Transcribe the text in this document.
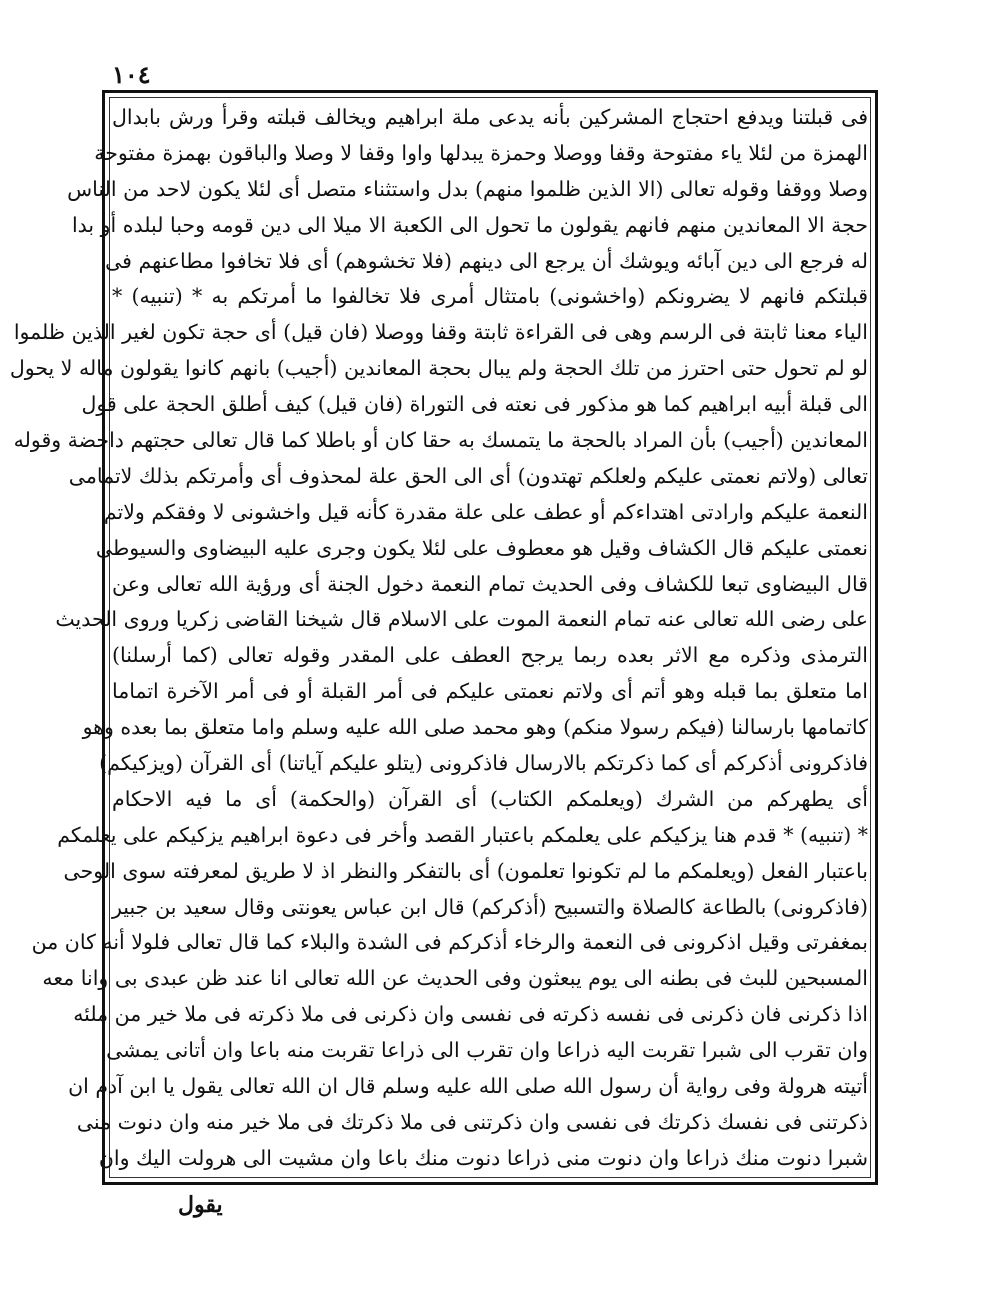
١٠٤
فى قبلتنا ويدفع احتجاج المشركين بأنه يدعى ملة ابراهيم ويخالف قبلته وقرأ ورش بابدال
الهمزة من لئلا ياء مفتوحة وقفا ووصلا وحمزة يبدلها واوا وقفا لا وصلا والباقون بهمزة مفتوحة
وصلا ووقفا وقوله تعالى (الا الذين ظلموا منهم) بدل واستثناء متصل أى لئلا يكون لاحد من الناس
حجة الا المعاندين منهم فانهم يقولون ما تحول الى الكعبة الا ميلا الى دين قومه وحبا لبلده أو بدا
له فرجع الى دين آبائه ويوشك أن يرجع الى دينهم (فلا تخشوهم) أى فلا تخافوا مطاعنهم فى
قبلتكم فانهم لا يضرونكم (واخشونى) بامتثال أمرى فلا تخالفوا ما أمرتكم به * (تنبيه) *
الياء معنا ثابتة فى الرسم وهى فى القراءة ثابتة وقفا ووصلا (فان قيل) أى حجة تكون لغير الذين ظلموا
لو لم تحول حتى احترز من تلك الحجة ولم يبال بحجة المعاندين (أجيب) بانهم كانوا يقولون ماله لا يحول
الى قبلة أبيه ابراهيم كما هو مذكور فى نعته فى التوراة (فان قيل) كيف أطلق الحجة على قول
المعاندين (أجيب) بأن المراد بالحجة ما يتمسك به حقا كان أو باطلا كما قال تعالى حجتهم داحضة وقوله
تعالى (ولاتم نعمتى عليكم ولعلكم تهتدون) أى الى الحق علة لمحذوف أى وأمرتكم بذلك لاتمامى
النعمة عليكم وارادتى اهتداءكم أو عطف على علة مقدرة كأنه قيل واخشونى لا وفقكم ولاتم
نعمتى عليكم قال الكشاف وقيل هو معطوف على لئلا يكون وجرى عليه البيضاوى والسيوطى
قال البيضاوى تبعا للكشاف وفى الحديث تمام النعمة دخول الجنة أى ورؤية الله تعالى وعن
على رضى الله تعالى عنه تمام النعمة الموت على الاسلام قال شيخنا القاضى زكريا وروى الحديث
الترمذى وذكره مع الاثر بعده ربما يرجح العطف على المقدر وقوله تعالى (كما أرسلنا)
اما متعلق بما قبله وهو أتم أى ولاتم نعمتى عليكم فى أمر القبلة أو فى أمر الآخرة اتماما
كاتمامها بارسالنا (فيكم رسولا منكم) وهو محمد صلى الله عليه وسلم واما متعلق بما بعده وهو
فاذكرونى أذكركم أى كما ذكرتكم بالارسال فاذكرونى (يتلو عليكم آياتنا) أى القرآن (ويزكيكم)
أى يطهركم من الشرك (ويعلمكم الكتاب) أى القرآن (والحكمة) أى ما فيه الاحكام
* (تنبيه) * قدم هنا يزكيكم على يعلمكم باعتبار القصد وأخر فى دعوة ابراهيم يزكيكم على يعلمكم
باعتبار الفعل (ويعلمكم ما لم تكونوا تعلمون) أى بالتفكر والنظر اذ لا طريق لمعرفته سوى الوحى
(فاذكرونى) بالطاعة كالصلاة والتسبيح (أذكركم) قال ابن عباس يعونتى وقال سعيد بن جبير
بمغفرتى وقيل اذكرونى فى النعمة والرخاء أذكركم فى الشدة والبلاء كما قال تعالى فلولا أنه كان من
المسبحين للبث فى بطنه الى يوم يبعثون وفى الحديث عن الله تعالى انا عند ظن عبدى بى وانا معه
اذا ذكرنى فان ذكرنى فى نفسه ذكرته فى نفسى وان ذكرنى فى ملا ذكرته فى ملا خير من ملئه
وان تقرب الى شبرا تقربت اليه ذراعا وان تقرب الى ذراعا تقربت منه باعا وان أتانى يمشى
أتيته هرولة وفى رواية أن رسول الله صلى الله عليه وسلم قال ان الله تعالى يقول يا ابن آدم ان
ذكرتنى فى نفسك ذكرتك فى نفسى وان ذكرتنى فى ملا ذكرتك فى ملا خير منه وان دنوت منى
شبرا دنوت منك ذراعا وان دنوت منى ذراعا دنوت منك باعا وان مشيت الى هرولت اليك وان
يقول
